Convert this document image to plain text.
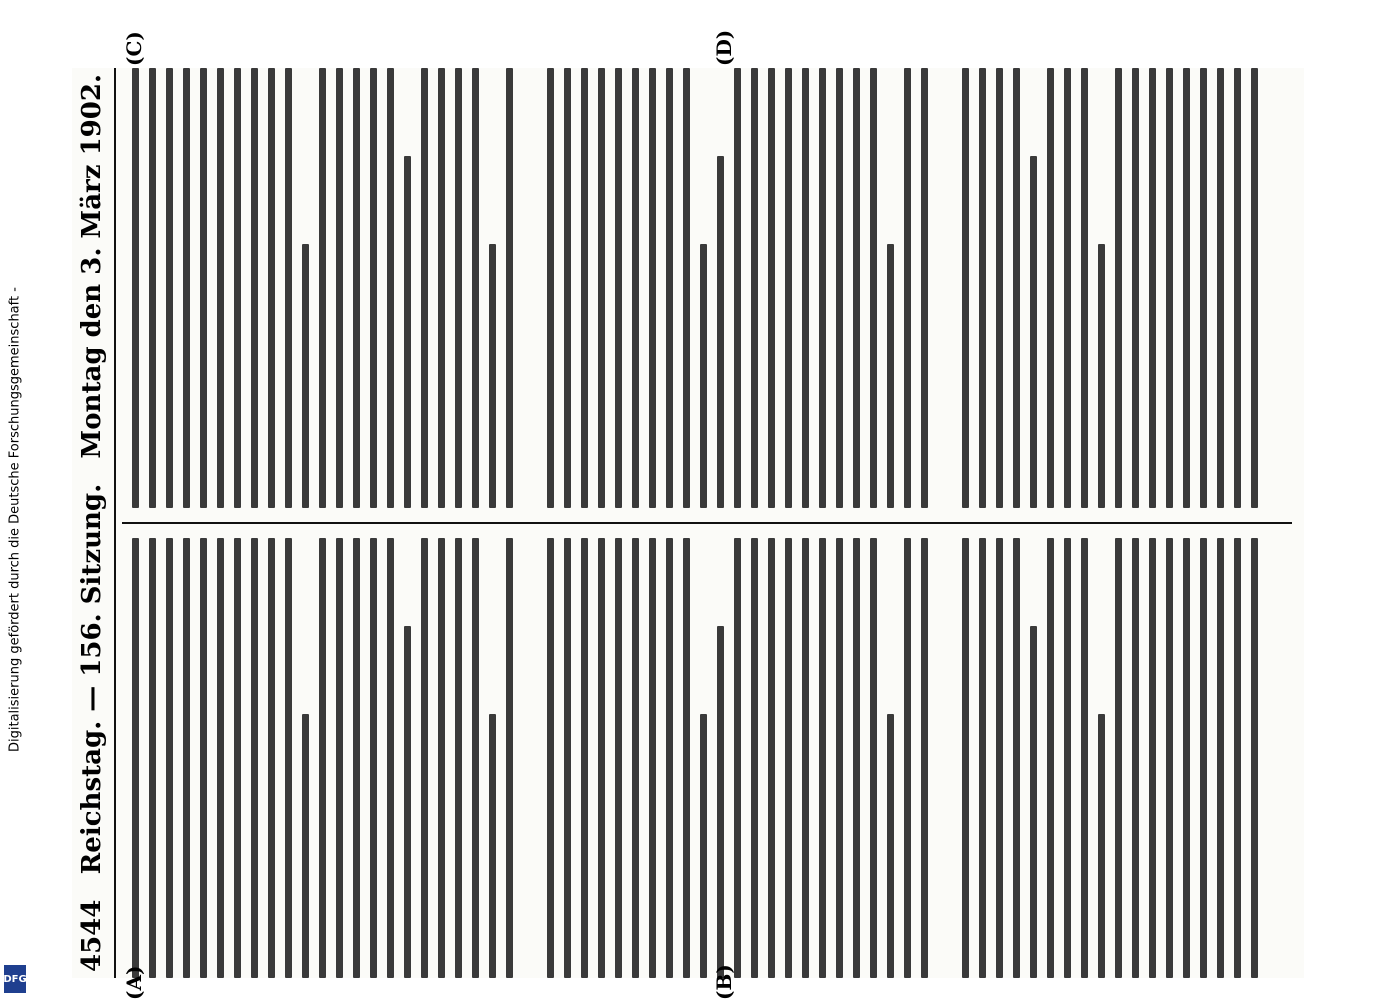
Digitalisierung gefördert durch die Deutsche Forschungsgemeinschaft -
DFG
4544
Reichstag. — 156. Sitzung.
Montag den 3. März 1902.
(A)	(B)
(C)	(D)
